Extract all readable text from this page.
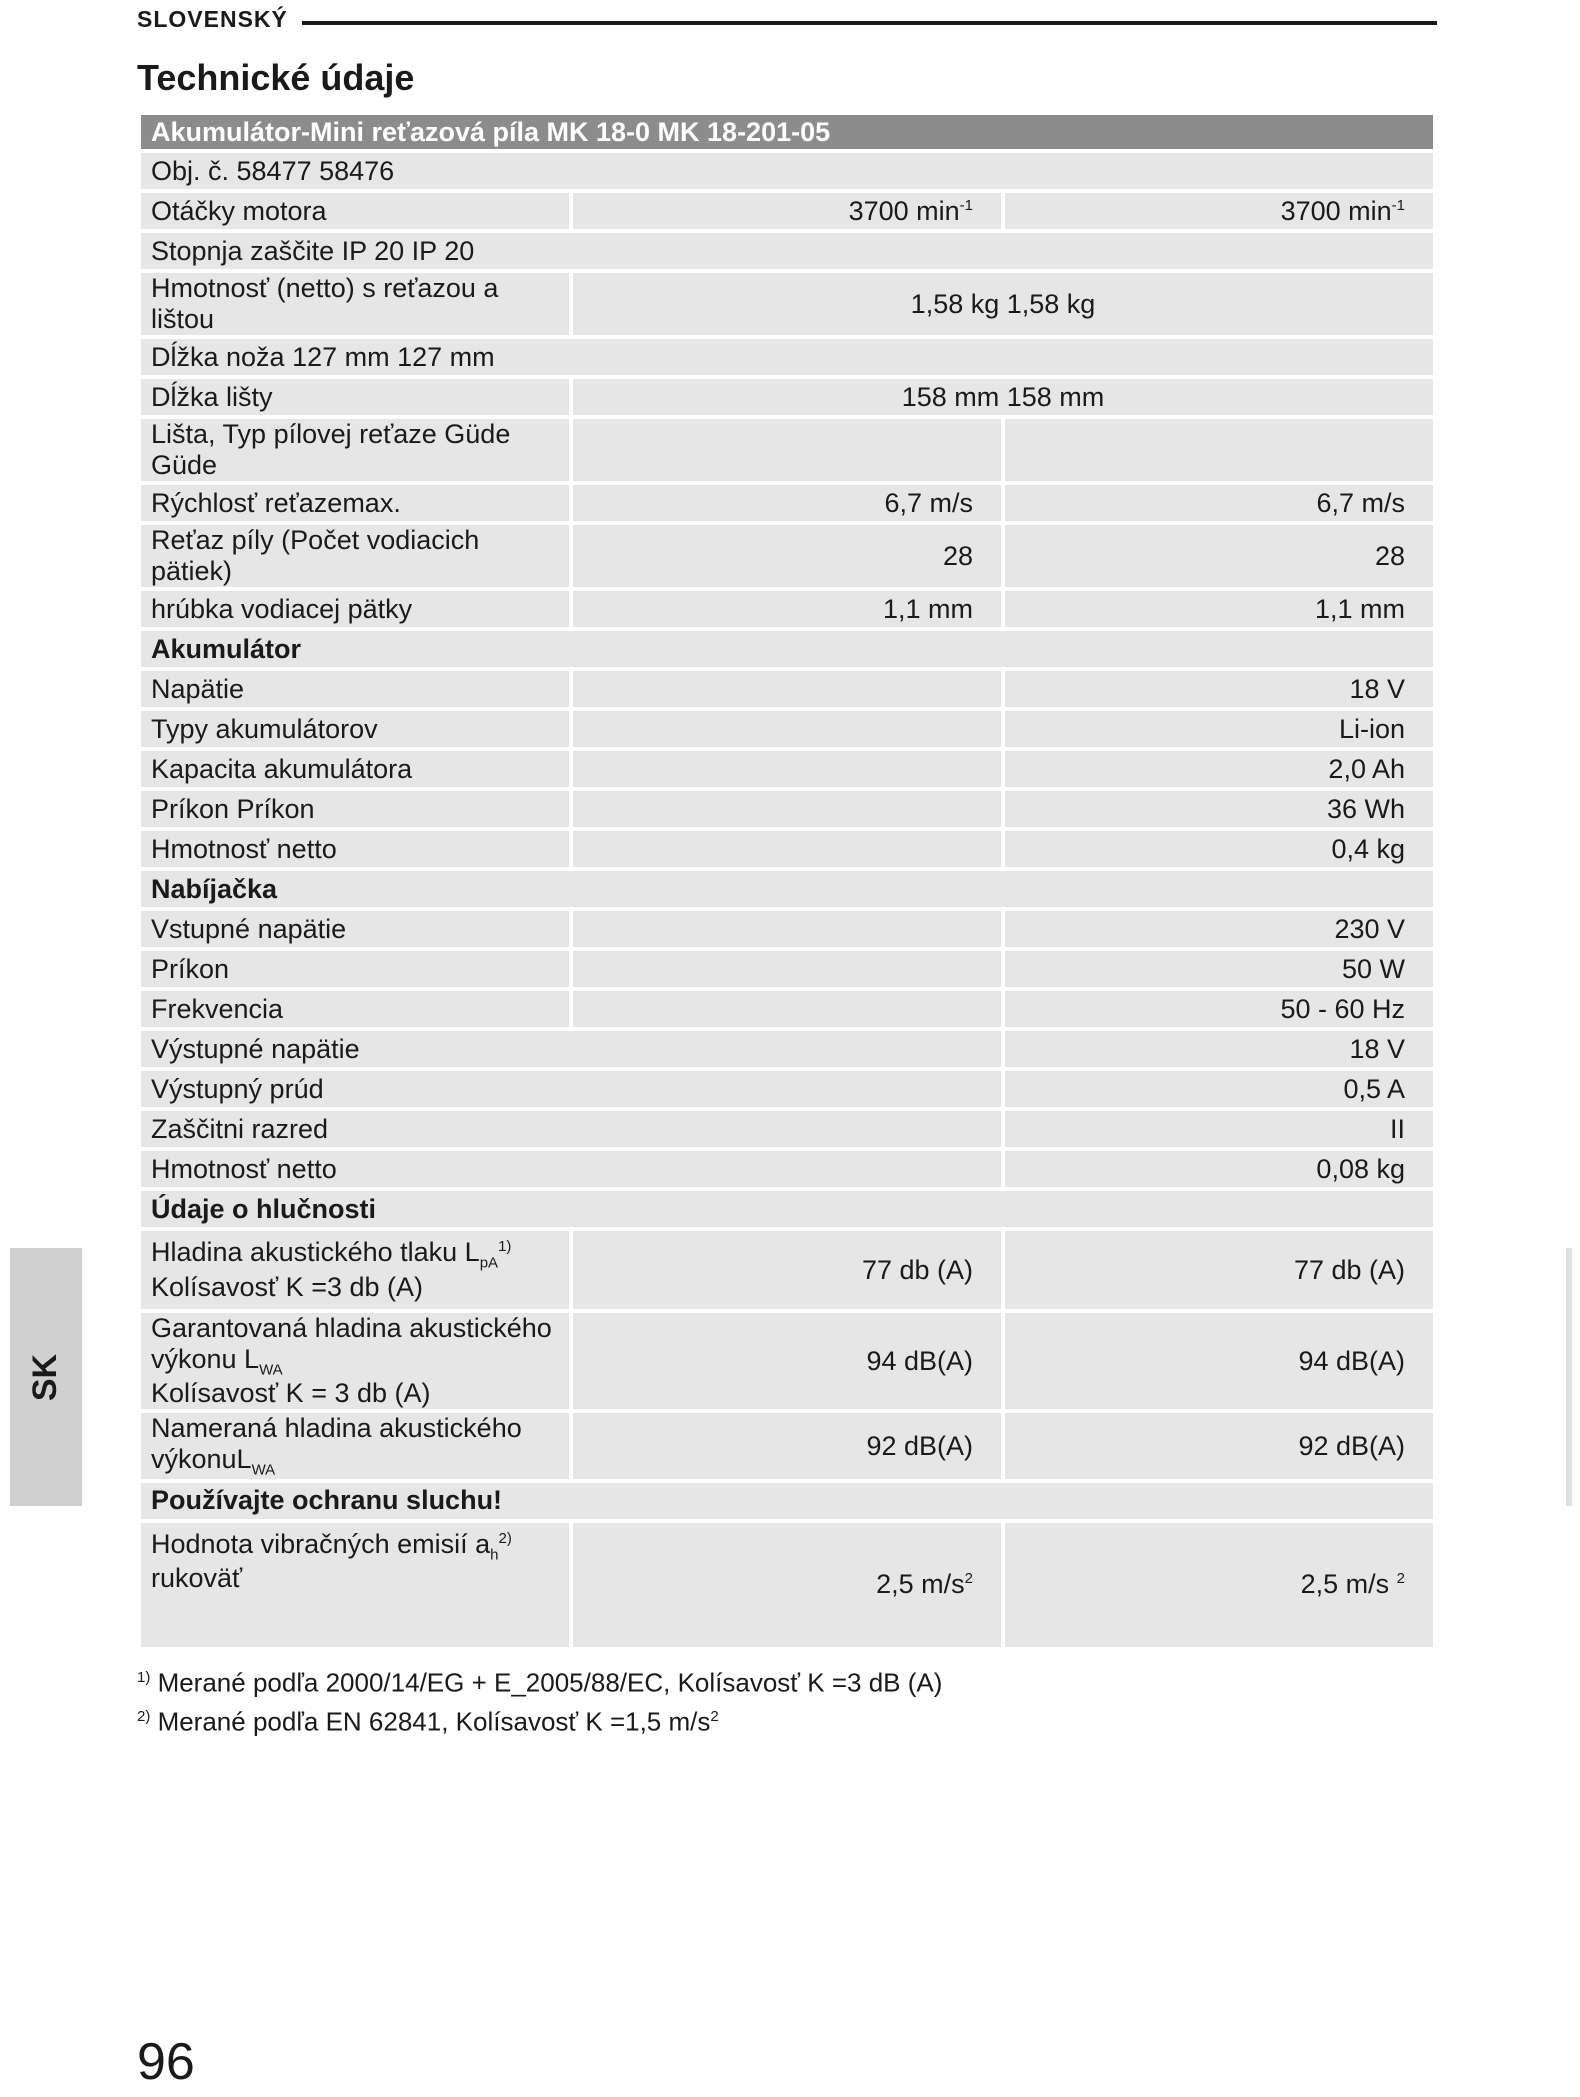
SLOVENSKÝ
Technické údaje
Akumulátor-Mini reťazová píla MK 18-0 MK 18-201-05		
Obj. č. 58477 58476		
Otáčky motora	3700 $\min^{-1}$	3700 $\min^{-1}$
Stopnja zaščite IP 20 IP 20		
Hmotnosť (netto) s reťazou a lištou	1,58 kg 1,58 kg	
Dĺžka noža 127 mm 127 mm		
Dĺžka lišty	158 mm 158 mm	
Lišta, Typ pílovej reťaze Güde Güde		
Rýchlosť reťazemax.	6,7 m/s	6,7 m/s
Reťaz píly (Počet vodiacich pätiek)	28	28
hrúbka vodiacej pätky	1,1 mm	1,1 mm
Akumulátor		
Napätie		18 V
Typy akumulátorov		Li-ion
Kapacita akumulátora		2,0 Ah
Príkon Príkon		36 Wh
Hmotnosť netto		0,4 kg
Nabíjačka		
Vstupné napätie		230 V
Príkon		50 W
Frekvencia		50 - 60 Hz
Výstupné napätie		18 V
Výstupný prúd		0,5 A
Zaščitni razred		II
Hmotnosť netto		0,08 kg
Údaje o hlučnosti		

Hladina akustického tlaku $L_{pA}^{1)}$
Kolísavosť K =3 db (A)	77 db (A)	77 db (A)

Garantovaná hladina akustického výkonu $L_{WA}$
Kolísavosť K = 3 db (A)	94 dB(A)	94 dB(A)
Nameraná hladina akustického výkonuL$_{WA}$	92 dB(A)	92 dB(A)
Používajte ochranu sluchu!		

Hodnota vibračných emisií $a_h^{2)}$
rukoväť	2,5 $m/s^2$	2,5 m/s $^2$
$^{1)}$ Merané podľa 2000/14/EG + E_2005/88/EC, Kolísavosť K =3 dB (A)
$^{2)}$ Merané podľa EN 62841, Kolísavosť K =1,5 $m/s^2$
SK
96
